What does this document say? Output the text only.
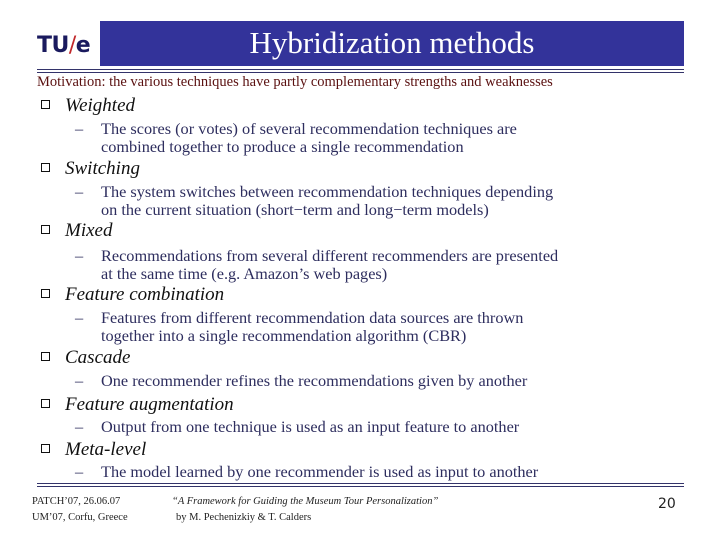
TU/e	Hybridization methods
Motivation: the various techniques have partly complementary strengths and weaknesses
Weighted
– The scores (or votes) of several recommendation techniques are
combined together to produce a single recommendation
Switching
– The system switches between recommendation techniques depending
on the current situation (short−term and long−term models)
Mixed
– Recommendations from several different recommenders are presented
at the same time (e.g. Amazon’s web pages)
Feature combination
– Features from different recommendation data sources are thrown
together into a single recommendation algorithm (CBR)
Cascade
– One recommender refines the recommendations given by another
Feature augmentation
– Output from one technique is used as an input feature to another
Meta-level
– The model learned by one recommender is used as input to another
PATCH’07, 26.06.07
UM’07, Corfu, Greece
“A Framework for Guiding the Museum Tour Personalization”
by M. Pechenizkiy & T. Calders
20
